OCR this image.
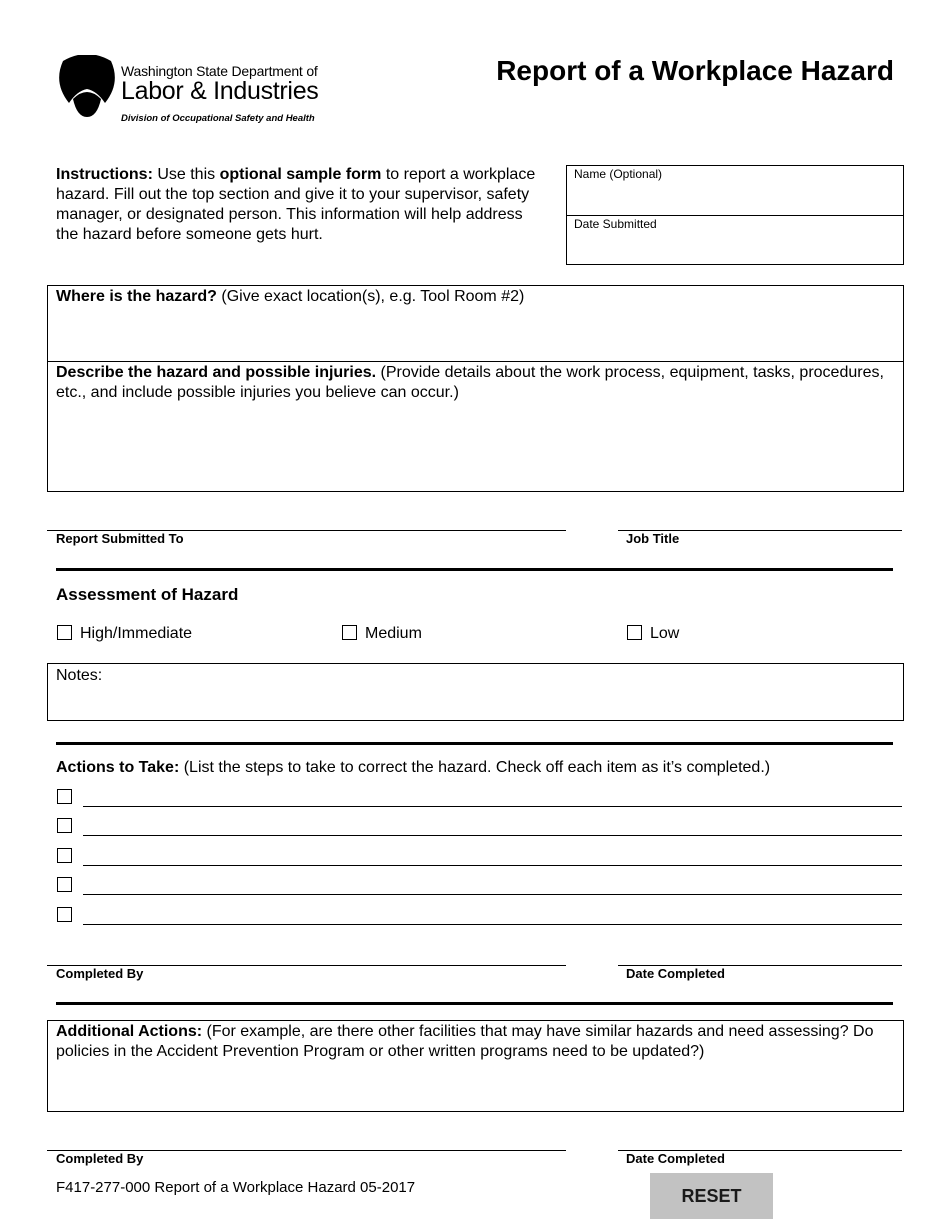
Washington State Department of
Labor & Industries
Division of Occupational Safety and Health
Report of a Workplace Hazard
Instructions: Use this optional sample form to report a workplace hazard. Fill out the top section and give it to your supervisor, safety manager, or designated person. This information will help address the hazard before someone gets hurt.
Name (Optional)
Date Submitted
Where is the hazard? (Give exact location(s), e.g. Tool Room #2)
Describe the hazard and possible injuries. (Provide details about the work process, equipment, tasks, procedures, etc., and include possible injuries you believe can occur.)
Report Submitted To	Job Title
Assessment of Hazard
High/Immediate	Medium	Low
Notes:
Actions to Take: (List the steps to take to correct the hazard. Check off each item as it’s completed.)
Completed By	Date Completed
Additional Actions: (For example, are there other facilities that may have similar hazards and need assessing? Do policies in the Accident Prevention Program or other written programs need to be updated?)
Completed By	Date Completed
F417-277-000 Report of a Workplace Hazard 05-2017	RESET
